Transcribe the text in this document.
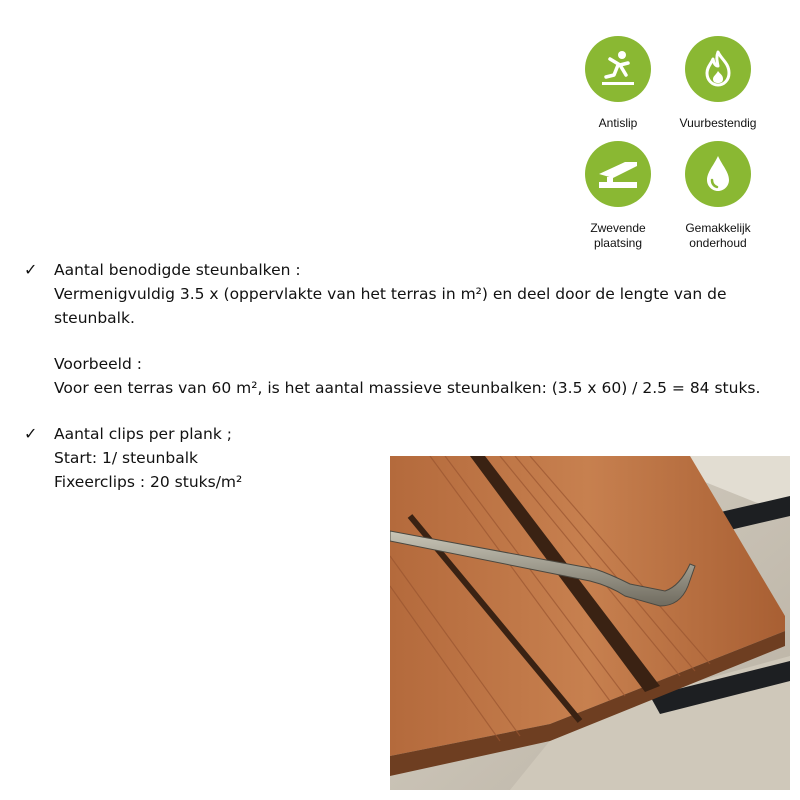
Antislip	Vuurbestendig
Zwevende
plaatsing
Gemakkelijk
onderhoud
✓ Aantal benodigde steunbalken :
Vermenigvuldig 3.5 x (oppervlakte van het terras in m²) en deel door de lengte van de
steunbalk.
Voorbeeld :
Voor een terras van 60 m², is het aantal massieve steunbalken: (3.5 x 60) / 2.5 = 84 stuks.
✓ Aantal clips per plank ;
Start: 1/ steunbalk
Fixeerclips : 20 stuks/m²
